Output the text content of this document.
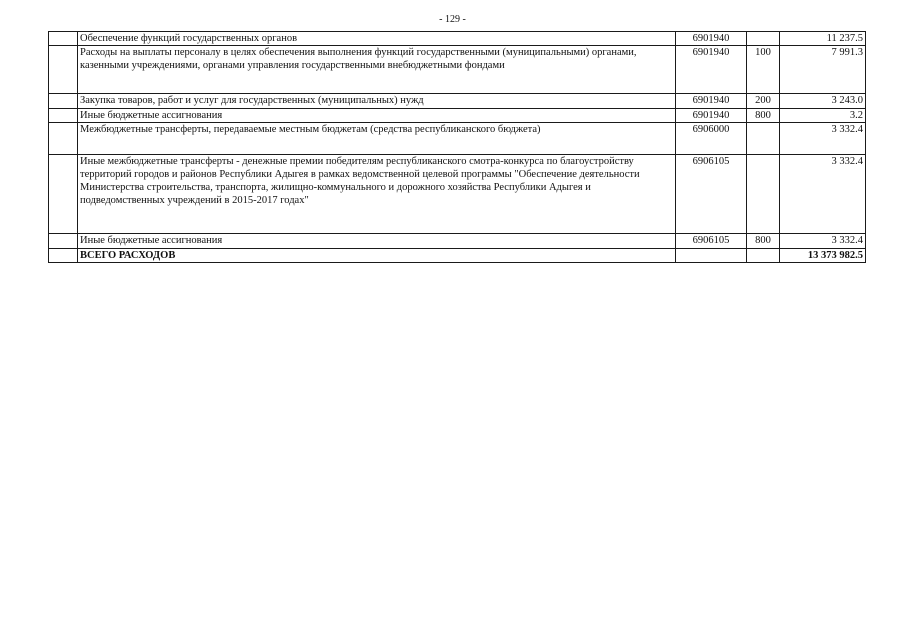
- 129 -
	Обеспечение функций государственных органов	6901940		11 237.5
	Расходы на выплаты персоналу в целях обеспечения выполнения функций государственными (муниципальными) органами, казенными учреждениями, органами управления государственными внебюджетными фондами	6901940	100	7 991.3
	Закупка товаров, работ и услуг для государственных (муниципальных) нужд	6901940	200	3 243.0
	Иные бюджетные ассигнования	6901940	800	3.2
	Межбюджетные трансферты, передаваемые местным бюджетам (средства республиканского бюджета)	6906000		3 332.4
	Иные межбюджетные трансферты - денежные премии победителям республиканского смотра-конкурса по благоустройству территорий городов и районов Республики Адыгея в рамках ведомственной целевой программы "Обеспечение деятельности Министерства строительства, транспорта, жилищно-коммунального и дорожного хозяйства Республики Адыгея и подведомственных учреждений в 2015-2017 годах"	6906105		3 332.4
	Иные бюджетные ассигнования	6906105	800	3 332.4
	ВСЕГО РАСХОДОВ			13 373 982.5
